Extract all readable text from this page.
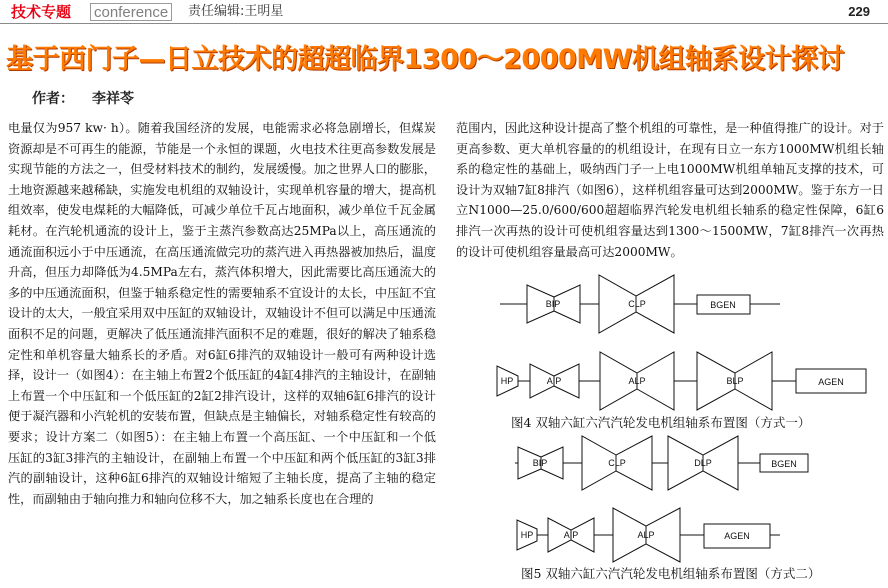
技术专题	conference 责任编辑:王明星	229
基于西门子—日立技术的超超临界1300～2000MW机组轴系设计探讨
作者： 李祥苓

电量仅为957 kw· h）。随着我国经济的发展，电能需求必将急剧增长，但煤炭资源却是不可再生的能源，节能是一个永恒的课题，火电技术往更高参数发展是实现节能的方法之一，但受材料技术的制约，发展缓慢。加之世界人口的膨胀，土地资源越来越稀缺，实施发电机组的双轴设计，实现单机容量的增大，提高机组效率，使发电煤耗的大幅降低，可减少单位千瓦占地面积，减少单位千瓦金属耗材。在汽轮机通流的设计上，鉴于主蒸汽参数高达25MPa以上，高压通流的通流面积远小于中压通流，在高压通流做完功的蒸汽进入再热器被加热后，温度升高，但压力却降低为4.5MPa左右，蒸汽体积增大，因此需要比高压通流大的多的中压通流面积，但鉴于轴系稳定性的需要轴系不宜设计的太长，中压缸不宜设计的太大，一般宜采用双中压缸的双轴设计，双轴设计不但可以满足中压通流面积不足的问题，更解决了低压通流排汽面积不足的难题，很好的解决了轴系稳定性和单机容量大轴系长的矛盾。对6缸6排汽的双轴设计一般可有两种设计选择，设计一（如图4）：在主轴上布置2个低压缸的4缸4排汽的主轴设计，在副轴上布置一个中压缸和一个低压缸的2缸2排汽设计，这样的双轴6缸6排汽的设计便于凝汽器和小汽轮机的安装布置，但缺点是主轴偏长，对轴系稳定性有较高的要求；设计方案二（如图5）：在主轴上布置一个高压缸、一个中压缸和一个低压缸的3缸3排汽的主轴设计，在副轴上布置一个中压缸和两个低压缸的3缸3排汽的副轴设计，这种6缸6排汽的双轴设计缩短了主轴长度，提高了主轴的稳定性，而副轴由于轴向推力和轴向位移不大，加之轴系长度也在合理的

范围内，因此这种设计提高了整个机组的可靠性，是一种值得推广的设计。对于更高参数、更大单机容量的的机组设计，在现有日立一东方1000MW机组长轴系的稳定性的基础上，吸纳西门子一上电1000MW机组单轴瓦支撑的技术，可设计为双轴7缸8排汽（如图6），这样机组容量可达到2000MW。鉴于东方一日立N1000—25.0/600/600超超临界汽轮发电机组长轴系的稳定性保障，6缸6排汽一次再热的设计可使机组容量达到1300～1500MW，7缸8排汽一次再热的设计可使机组容量最高可达2000MW。

BIP	CLP	BGEN
HP	AIP	ALP	BLP	AGEN
BIP	CLP	DLP	BGEN
HP	AIP	ALP	AGEN
图4 双轴六缸六汽汽轮发电机组轴系布置图（方式一）
图5 双轴六缸六汽汽轮发电机组轴系布置图（方式二）
